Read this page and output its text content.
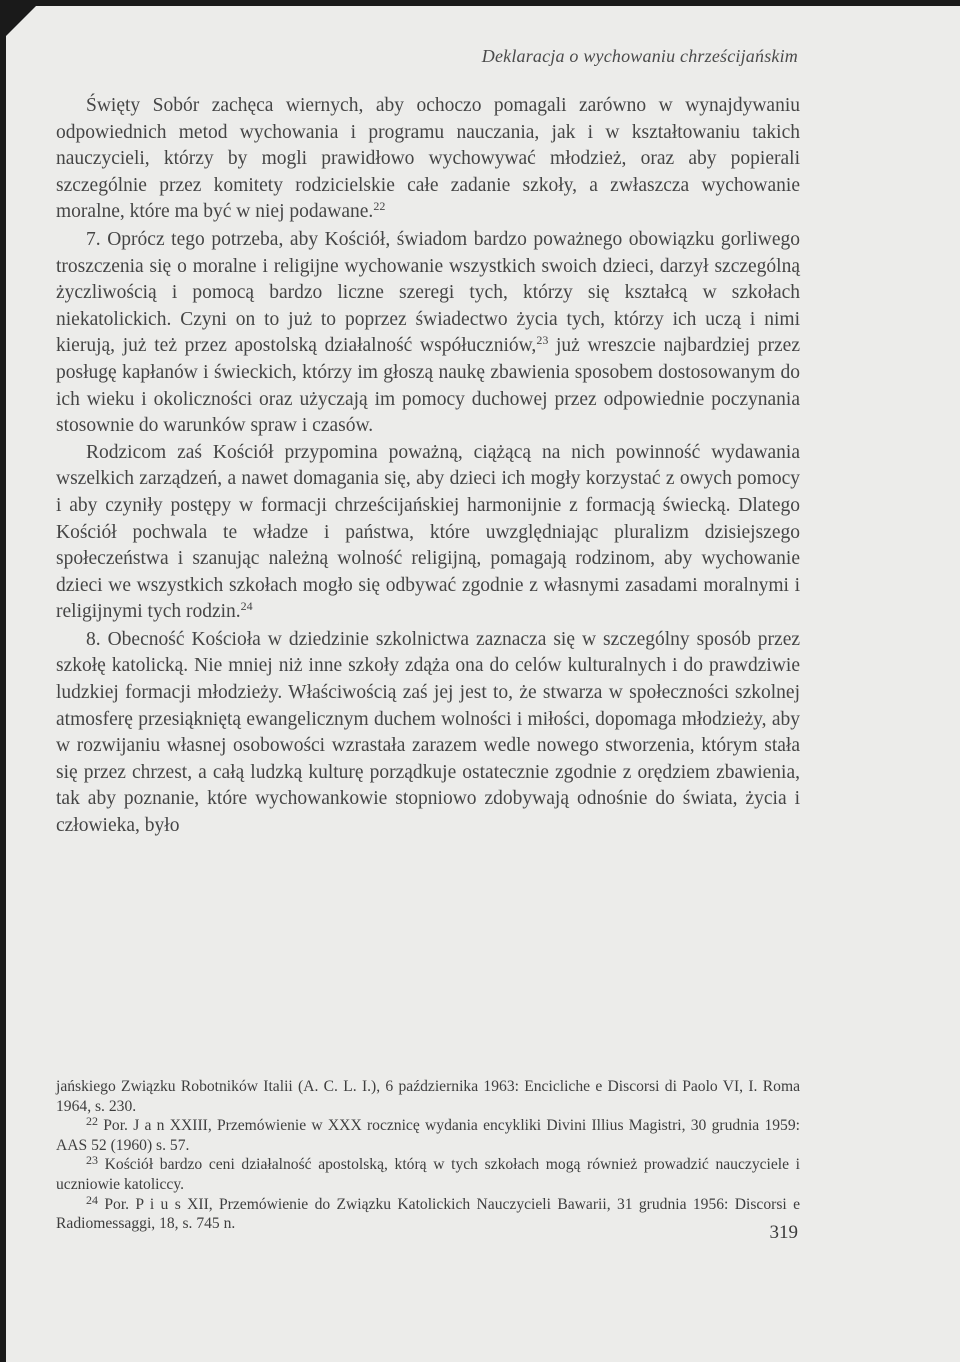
Deklaracja o wychowaniu chrześcijańskim

Święty Sobór zachęca wiernych, aby ochoczo pomagali zarówno w wynajdywaniu odpowiednich metod wychowania i programu nauczania, jak i w kształtowaniu takich nauczycieli, którzy by mogli prawidłowo wychowywać młodzież, oraz aby popierali szczególnie przez komitety rodzicielskie całe zadanie szkoły, a zwłaszcza wychowanie moralne, które ma być w niej podawane.$^{22}$

7. Oprócz tego potrzeba, aby Kościół, świadom bardzo poważnego obowiązku gorliwego troszczenia się o moralne i religijne wychowanie wszystkich swoich dzieci, darzył szczególną życzliwością i pomocą bardzo liczne szeregi tych, którzy się kształcą w szkołach niekatolickich. Czyni on to już to poprzez świadectwo życia tych, którzy ich uczą i nimi kierują, już też przez apostolską działalność współuczniów,$^{23}$ już wreszcie najbardziej przez posługę kapłanów i świeckich, którzy im głoszą naukę zbawienia sposobem dostosowanym do ich wieku i okoliczności oraz użyczają im pomocy duchowej przez odpowiednie poczynania stosownie do warunków spraw i czasów.

Rodzicom zaś Kościół przypomina poważną, ciążącą na nich powinność wydawania wszelkich zarządzeń, a nawet domagania się, aby dzieci ich mogły korzystać z owych pomocy i aby czyniły postępy w formacji chrześcijańskiej harmonijnie z formacją świecką. Dlatego Kościół pochwala te władze i państwa, które uwzględniając pluralizm dzisiejszego społeczeństwa i szanując należną wolność religijną, pomagają rodzinom, aby wychowanie dzieci we wszystkich szkołach mogło się odbywać zgodnie z własnymi zasadami moralnymi i religijnymi tych rodzin.$^{24}$

8. Obecność Kościoła w dziedzinie szkolnictwa zaznacza się w szczególny sposób przez szkołę katolicką. Nie mniej niż inne szkoły zdąża ona do celów kulturalnych i do prawdziwie ludzkiej formacji młodzieży. Właściwością zaś jej jest to, że stwarza w społeczności szkolnej atmosferę przesiąkniętą ewangelicznym duchem wolności i miłości, dopomaga młodzieży, aby w rozwijaniu własnej osobowości wzrastała zarazem wedle nowego stworzenia, którym stała się przez chrzest, a całą ludzką kulturę porządkuje ostatecznie zgodnie z orędziem zbawienia, tak aby poznanie, które wychowankowie stopniowo zdobywają odnośnie do świata, życia i człowieka, było

jańskiego Związku Robotników Italii (A. C. L. I.), 6 października 1963: Encicliche e Discorsi di Paolo VI, I. Roma 1964, s. 230.

$^{22}$ Por. J a n XXIII, Przemówienie w XXX rocznicę wydania encykliki Divini Illius Magistri, 30 grudnia 1959: AAS 52 (1960) s. 57.

$^{23}$ Kościół bardzo ceni działalność apostolską, którą w tych szkołach mogą również prowadzić nauczyciele i uczniowie katoliccy.

$^{24}$ Por. P i u s XII, Przemówienie do Związku Katolickich Nauczycieli Bawarii, 31 grudnia 1956: Discorsi e Radiomessaggi, 18, s. 745 n.	319
